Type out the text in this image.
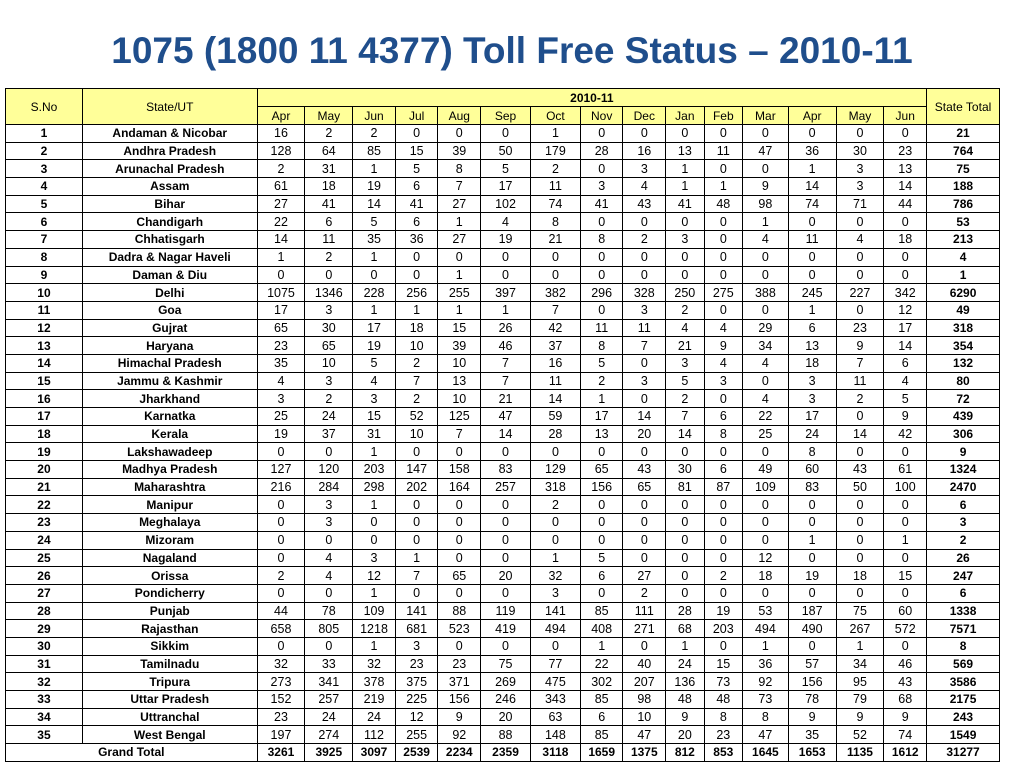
1075 (1800 11 4377) Toll Free Status – 2010-11
S.No	State/UT	2010-11															State Total
		Apr	May	Jun	Jul	Aug	Sep	Oct	Nov	Dec	Jan	Feb	Mar	Apr	May	Jun	
1	Andaman & Nicobar	16	2	2	0	0	0	1	0	0	0	0	0	0	0	0	21
2	Andhra Pradesh	128	64	85	15	39	50	179	28	16	13	11	47	36	30	23	764
3	Arunachal Pradesh	2	31	1	5	8	5	2	0	3	1	0	0	1	3	13	75
4	Assam	61	18	19	6	7	17	11	3	4	1	1	9	14	3	14	188
5	Bihar	27	41	14	41	27	102	74	41	43	41	48	98	74	71	44	786
6	Chandigarh	22	6	5	6	1	4	8	0	0	0	0	1	0	0	0	53
7	Chhatisgarh	14	11	35	36	27	19	21	8	2	3	0	4	11	4	18	213
8	Dadra & Nagar Haveli	1	2	1	0	0	0	0	0	0	0	0	0	0	0	0	4
9	Daman & Diu	0	0	0	0	1	0	0	0	0	0	0	0	0	0	0	1
10	Delhi	1075	1346	228	256	255	397	382	296	328	250	275	388	245	227	342	6290
11	Goa	17	3	1	1	1	1	7	0	3	2	0	0	1	0	12	49
12	Gujrat	65	30	17	18	15	26	42	11	11	4	4	29	6	23	17	318
13	Haryana	23	65	19	10	39	46	37	8	7	21	9	34	13	9	14	354
14	Himachal Pradesh	35	10	5	2	10	7	16	5	0	3	4	4	18	7	6	132
15	Jammu & Kashmir	4	3	4	7	13	7	11	2	3	5	3	0	3	11	4	80
16	Jharkhand	3	2	3	2	10	21	14	1	0	2	0	4	3	2	5	72
17	Karnatka	25	24	15	52	125	47	59	17	14	7	6	22	17	0	9	439
18	Kerala	19	37	31	10	7	14	28	13	20	14	8	25	24	14	42	306
19	Lakshawadeep	0	0	1	0	0	0	0	0	0	0	0	0	8	0	0	9
20	Madhya Pradesh	127	120	203	147	158	83	129	65	43	30	6	49	60	43	61	1324
21	Maharashtra	216	284	298	202	164	257	318	156	65	81	87	109	83	50	100	2470
22	Manipur	0	3	1	0	0	0	2	0	0	0	0	0	0	0	0	6
23	Meghalaya	0	3	0	0	0	0	0	0	0	0	0	0	0	0	0	3
24	Mizoram	0	0	0	0	0	0	0	0	0	0	0	0	1	0	1	2
25	Nagaland	0	4	3	1	0	0	1	5	0	0	0	12	0	0	0	26
26	Orissa	2	4	12	7	65	20	32	6	27	0	2	18	19	18	15	247
27	Pondicherry	0	0	1	0	0	0	3	0	2	0	0	0	0	0	0	6
28	Punjab	44	78	109	141	88	119	141	85	111	28	19	53	187	75	60	1338
29	Rajasthan	658	805	1218	681	523	419	494	408	271	68	203	494	490	267	572	7571
30	Sikkim	0	0	1	3	0	0	0	1	0	1	0	1	0	1	0	8
31	Tamilnadu	32	33	32	23	23	75	77	22	40	24	15	36	57	34	46	569
32	Tripura	273	341	378	375	371	269	475	302	207	136	73	92	156	95	43	3586
33	Uttar Pradesh	152	257	219	225	156	246	343	85	98	48	48	73	78	79	68	2175
34	Uttranchal	23	24	24	12	9	20	63	6	10	9	8	8	9	9	9	243
35	West Bengal	197	274	112	255	92	88	148	85	47	20	23	47	35	52	74	1549
Grand Total		3261	3925	3097	2539	2234	2359	3118	1659	1375	812	853	1645	1653	1135	1612	31277
